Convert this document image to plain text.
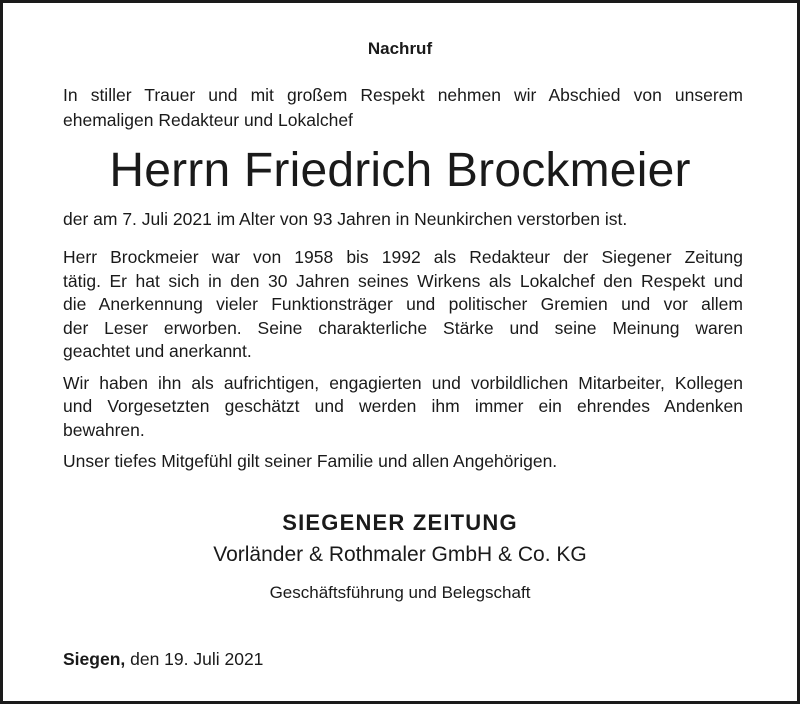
Nachruf
In stiller Trauer und mit großem Respekt nehmen wir Abschied von unserem
ehemaligen Redakteur und Lokalchef
Herrn Friedrich Brockmeier
der am 7. Juli 2021 im Alter von 93 Jahren in Neunkirchen verstorben ist.

Herr Brockmeier war von 1958 bis 1992 als Redakteur der Siegener Zeitung
tätig. Er hat sich in den 30 Jahren seines Wirkens als Lokalchef den Respekt und
die Anerkennung vieler Funktionsträger und politischer Gremien und vor allem
der Leser erworben. Seine charakterliche Stärke und seine Meinung waren
geachtet und anerkannt.

Wir haben ihn als aufrichtigen, engagierten und vorbildlichen Mitarbeiter, Kollegen
und Vorgesetzten geschätzt und werden ihm immer ein ehrendes Andenken
bewahren.

Unser tiefes Mitgefühl gilt seiner Familie und allen Angehörigen.

SIEGENER ZEITUNG
Vorländer & Rothmaler GmbH & Co. KG
Geschäftsführung und Belegschaft
Siegen, den 19. Juli 2021
